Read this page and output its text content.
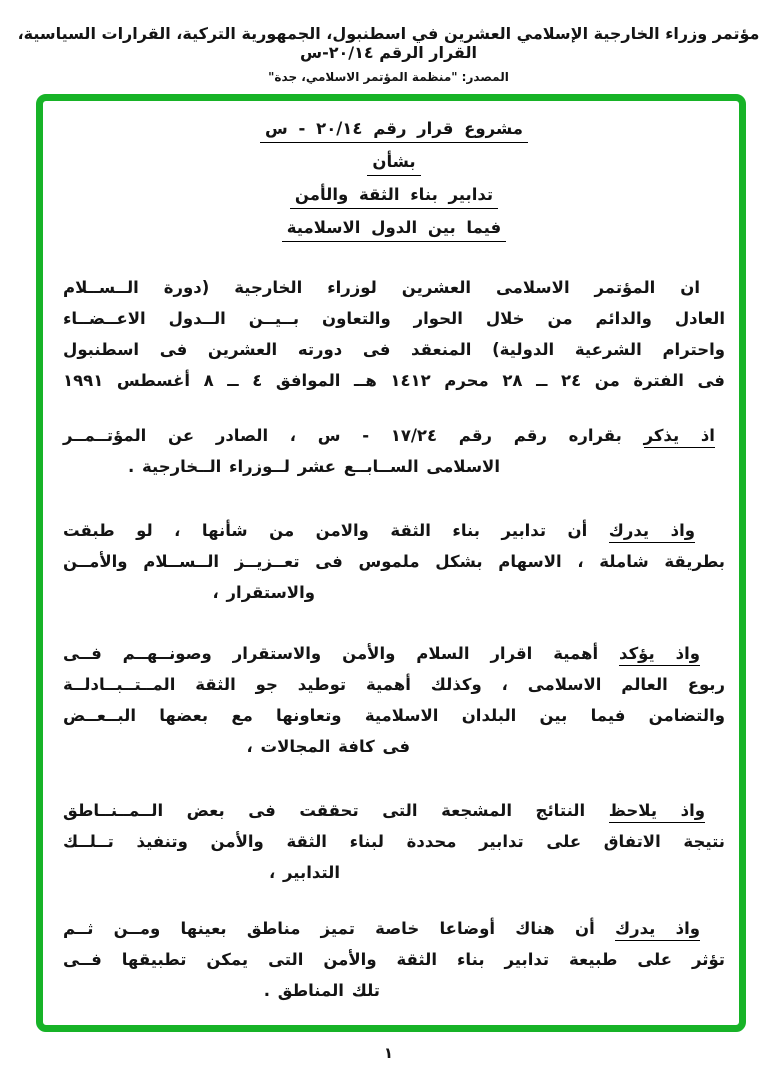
مؤتمر وزراء الخارجية الإسلامي العشرين في اسطنبول، الجمهورية التركية، القرارات السياسية، القرار الرقم ٢٠/١٤-س
المصدر: "منظمة المؤتمر الاسلامي، جدة"
مشروع قرار رقم ٢٠/١٤ - س
بشأن
تدابير بناء الثقة والأمن
فيما بين الدول الاسلامية
ان المؤتمر الاسلامى العشرين لوزراء الخارجية (دورة الــســلام
العادل والدائم من خلال الحوار والتعاون بــيــن الــدول الاعــضــاء
واحترام الشرعية الدولية) المنعقد فى دورته العشرين فى اسطنبول
فى الفترة من ٢٤ ــ ٢٨ محرم ١٤١٢ هــ الموافق ٤ ــ ٨ أغسطس ١٩٩١
اذ يذكر بقراره رقم رقم ١٧/٢٤ - س ، الصادر عن المؤتــمــر
الاسلامى الســابــع عشر لــوزراء الــخارجية .
واذ يدرك أن تدابير بناء الثقة والامن من شأنها ، لو طبقت
بطريقة شاملة ، الاسهام بشكل ملموس فى تعــزيــز الــســلام والأمــن
والاستقرار ،
واذ يؤكد أهمية اقرار السلام والأمن والاستقرار وصونــهــم فــى
ربوع العالم الاسلامى ، وكذلك أهمية توطيد جو الثقة المــتــبــادلــة
والتضامن فيما بين البلدان الاسلامية وتعاونها مع بعضها البــعــض
فى كافة المجالات ،
واذ يلاحظ النتائج المشجعة التى تحققت فى بعض الــمــنــاطق
نتيجة الاتفاق على تدابير محددة لبناء الثقة والأمن وتنفيذ تــلــك
التدابير ،
واذ يدرك أن هناك أوضاعا خاصة تميز مناطق بعينها ومــن ثــم
تؤثر على طبيعة تدابير بناء الثقة والأمن التى يمكن تطبيقها فــى
تلك المناطق .
١
